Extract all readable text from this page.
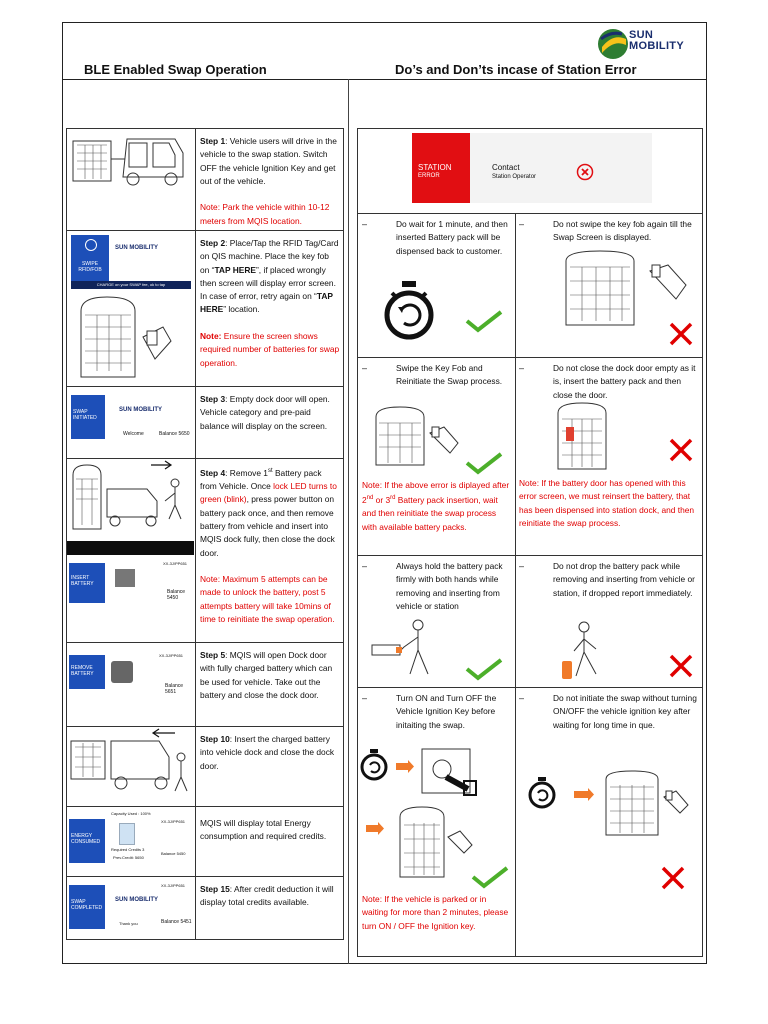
SUN
MOBILITY
BLE Enabled Swap Operation	Do’s and Don’ts incase of Station Error
Step 1: Vehicle users will drive in the vehicle to the swap station. Switch OFF the vehicle Ignition Key and get out of the vehicle.

Note: Park the vehicle within 10-12 meters from MQIS location.
SWIPE
RFID/FOB
SUN MOBILITY
CHARGE on your SWAP fee, ok to tap
Step 2: Place/Tap the RFID Tag/Card on QIS machine. Place the key fob on “TAP HERE”, if placed wrongly then screen will display error screen. In case of error, retry again on “TAP HERE” location.

Note: Ensure the screen shows required number of batteries for swap operation.
SWAP
INITIATED
SUN MOBILITY
Welcome	Balance 5650
Step 3: Empty dock door will open. Vehicle category and pre-paid balance will display on the screen.
INSERT
BATTERY
XX-3J/PP651
Balance 5450
Step 4: Remove 1st Battery pack from Vehicle. Once lock LED turns to green (blink), press power button on battery pack once, and then remove battery from vehicle and insert into MQIS dock fully, then close the dock door.

Note: Maximum 5 attempts can be made to unlock the battery, post 5 attempts battery will take 10mins of time to reinitiate the swap operation.
REMOVE
BATTERY
XX-3J/PP651
Balance 5651
Step 5: MQIS will open Dock door with fully charged battery which can be used for vehicle. Take out the battery and close the dock door.
Step 10: Insert the charged battery into vehicle dock and close the dock door.
ENERGY
CONSUMED
Capacity Used : 100%
XX-3J/PP651
Required Credits 3
Prev.Credit: 5650
Balance 5450
MQIS will display total Energy consumption and required credits.
SWAP
COMPLETED
SUN MOBILITY
XX-3J/PP651
Thank you	Balance 5451
Step 15: After credit deduction it will display total credits available.
STATION
ERROR
Contact
Station Operator
–	Do wait for 1 minute, and then inserted Battery pack will be dispensed back to customer.
–	Do not swipe the key fob again till the Swap Screen is displayed.
–	Swipe the Key Fob and Reinitiate the Swap process.
Note: If the above error is diplayed after 2nd or 3rd Battery pack insertion, wait and then reinitiate the swap process with available battery packs.
–	Do not close the dock door empty as it is, insert the battery pack and then close the door.
Note: If the battery door has opened with this error screen, we must reinsert the battery, that has been dispensed into station dock, and then reinitiate the swap process.
–	Always hold the battery pack firmly with both hands while removing and inserting from vehicle or station
–	Do not drop the battery pack while removing and inserting from vehicle or station, if dropped report immediately.
–	Turn ON and Turn OFF the Vehicle Ignition Key before initaiting the swap.
Note: If the vehicle is parked or in waiting for more than 2 minutes, please turn ON / OFF the Ignition key.
–	Do not initiate the swap without turning ON/OFF the vehicle ignition key after waiting for long time in que.
